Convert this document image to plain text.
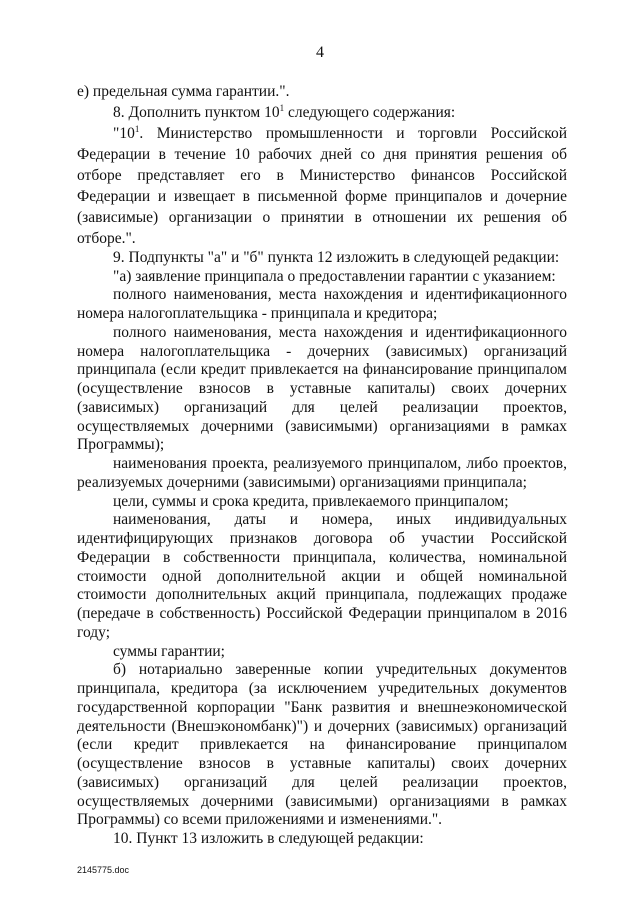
4

е) предельная сумма гарантии.".

8. Дополнить пунктом $10^1$ следующего содержания:

"$10^1$. Министерство промышленности и торговли Российской Федерации в течение 10 рабочих дней со дня принятия решения об отборе представляет его в Министерство финансов Российской Федерации и извещает в письменной форме принципалов и дочерние (зависимые) организации о принятии в отношении их решения об отборе.".

9. Подпункты "а" и "б" пункта 12 изложить в следующей редакции:

"а) заявление принципала о предоставлении гарантии с указанием:

полного наименования, места нахождения и идентификационного номера налогоплательщика - принципала и кредитора;

полного наименования, места нахождения и идентификационного номера налогоплательщика - дочерних (зависимых) организаций принципала (если кредит привлекается на финансирование принципалом (осуществление взносов в уставные капиталы) своих дочерних (зависимых) организаций для целей реализации проектов, осуществляемых дочерними (зависимыми) организациями в рамках Программы);

наименования проекта, реализуемого принципалом, либо проектов, реализуемых дочерними (зависимыми) организациями принципала;

цели, суммы и срока кредита, привлекаемого принципалом;

наименования, даты и номера, иных индивидуальных идентифицирующих признаков договора об участии Российской Федерации в собственности принципала, количества, номинальной стоимости одной дополнительной акции и общей номинальной стоимости дополнительных акций принципала, подлежащих продаже (передаче в собственность) Российской Федерации принципалом в 2016 году;

суммы гарантии;

б) нотариально заверенные копии учредительных документов принципала, кредитора (за исключением учредительных документов государственной корпорации "Банк развития и внешнеэкономической деятельности (Внешэкономбанк)") и дочерних (зависимых) организаций (если кредит привлекается на финансирование принципалом (осуществление взносов в уставные капиталы) своих дочерних (зависимых) организаций для целей реализации проектов, осуществляемых дочерними (зависимыми) организациями в рамках Программы) со всеми приложениями и изменениями.".

10. Пункт 13 изложить в следующей редакции:

2145775.doc
